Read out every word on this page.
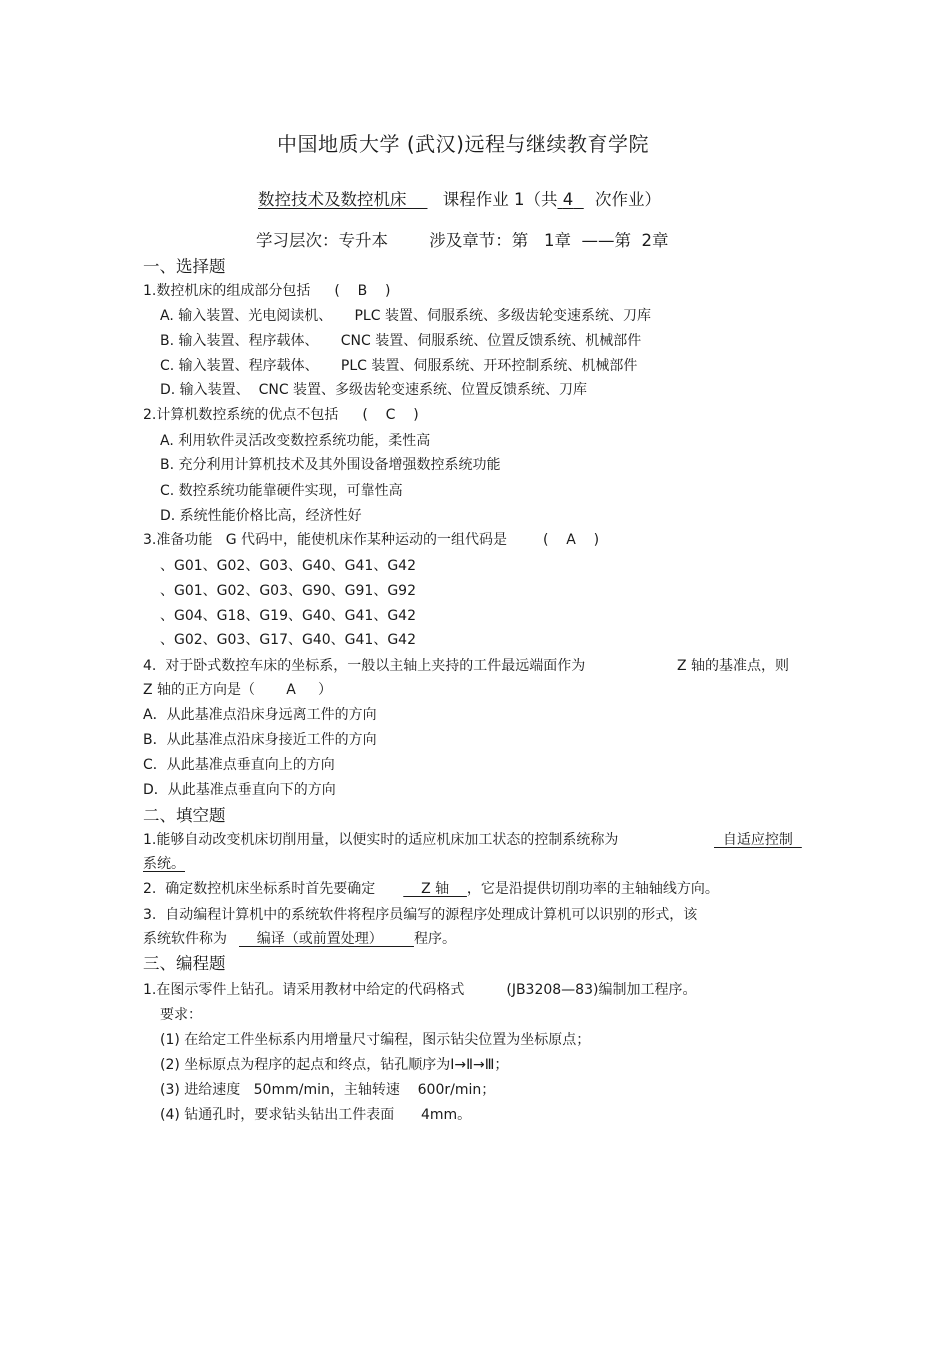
中国地质大学 (武汉)远程与继续教育学院
数控技术及数控机床 课程作业 1（共 4 次作业）
学习层次：专升本	涉及章节：第   1章  ——第  2章
一、选择题
1.数控机床的组成部分包括 (    B    )
A. 输入装置、光电阅读机、     PLC 装置、伺服系统、多级齿轮变速系统、刀库
B. 输入装置、程序载体、     CNC 装置、伺服系统、位置反馈系统、机械部件
C. 输入装置、程序载体、     PLC 装置、伺服系统、开环控制系统、机械部件
D. 输入装置、  CNC 装置、多级齿轮变速系统、位置反馈系统、刀库
2.计算机数控系统的优点不包括 (    C    )
A. 利用软件灵活改变数控系统功能，柔性高
B. 充分利用计算机技术及其外围设备增强数控系统功能
C. 数控系统功能靠硬件实现，可靠性高
D. 系统性能价格比高，经济性好
3.准备功能   G 代码中，能使机床作某种运动的一组代码是	(    A    )
、G01、G02、G03、G40、G41、G42
、G01、G02、G03、G90、G91、G92
、G04、G18、G19、G40、G41、G42
、G02、G03、G17、G40、G41、G42
4.  对于卧式数控车床的坐标系，一般以主轴上夹持的工件最远端面作为	Z 轴的基准点，则
Z 轴的正方向是（       A     ）
A．从此基准点沿床身远离工件的方向
B．从此基准点沿床身接近工件的方向
C．从此基准点垂直向上的方向
D．从此基准点垂直向下的方向
二、填空题
1.能够自动改变机床切削用量，以便实时的适应机床加工状态的控制系统称为	自适应控制
系统。
2.  确定数控机床坐标系时首先要确定    Z 轴    ，它是沿提供切削功率的主轴轴线方向。
3.  自动编程计算机中的系统软件将程序员编写的源程序处理成计算机可以识别的形式，该
系统软件称为    编译（或前置处理）       程序。
三、编程题
1.在图示零件上钻孔。请采用教材中给定的代码格式	(JB3208—83)编制加工程序。
要求：
(1) 在给定工件坐标系内用增量尺寸编程，图示钻尖位置为坐标原点；
(2) 坐标原点为程序的起点和终点，钻孔顺序为Ⅰ→Ⅱ→Ⅲ；
(3) 进给速度   50mm/min，主轴转速    600r/min；
(4) 钻通孔时，要求钻头钻出工件表面      4mm。
